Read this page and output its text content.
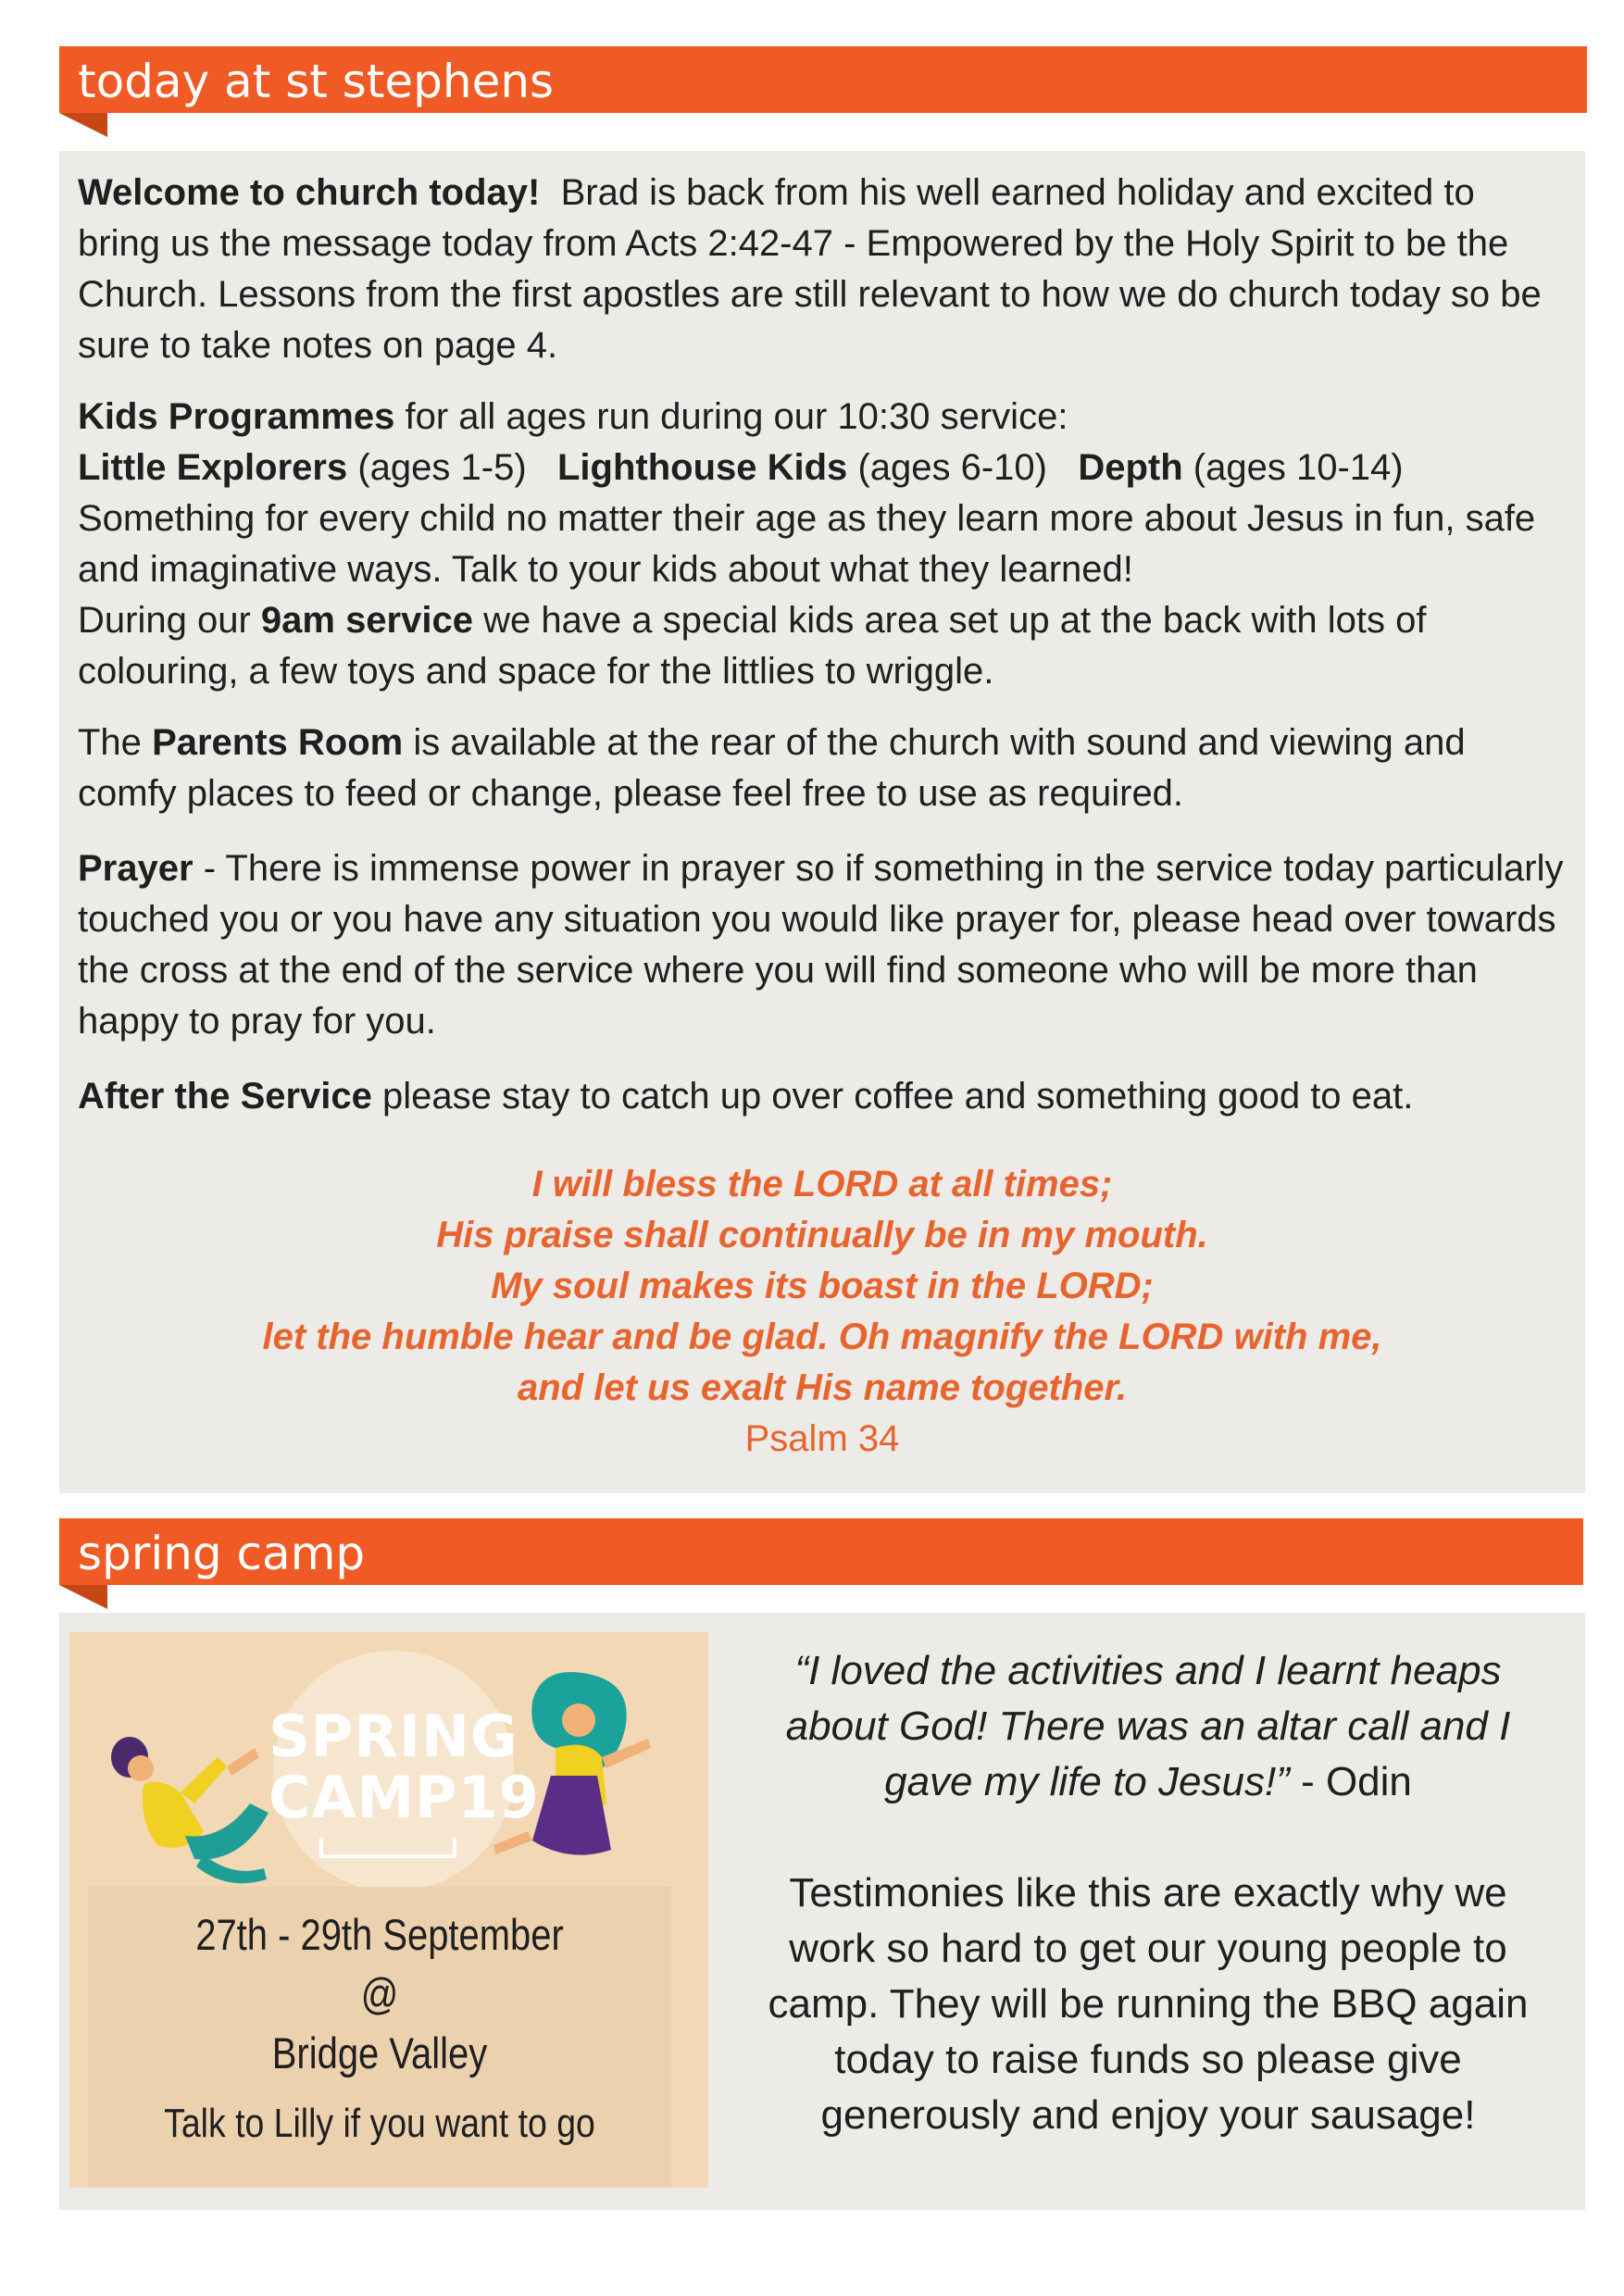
today at st stephens

Welcome to church today! Brad is back from his well earned holiday and excited to bring us the message today from Acts 2:42-47 - Empowered by the Holy Spirit to be the Church. Lessons from the first apostles are still relevant to how we do church today so be sure to take notes on page 4.

Kids Programmes for all ages run during our 10:30 service:

Little Explorers (ages 1-5) Lighthouse Kids (ages 6-10) Depth (ages 10-14)

Something for every child no matter their age as they learn more about Jesus in fun, safe and imaginative ways. Talk to your kids about what they learned!

During our 9am service we have a special kids area set up at the back with lots of colouring, a few toys and space for the littlies to wriggle.

The Parents Room is available at the rear of the church with sound and viewing and comfy places to feed or change, please feel free to use as required.

Prayer - There is immense power in prayer so if something in the service today particularly touched you or you have any situation you would like prayer for, please head over towards the cross at the end of the service where you will find someone who will be more than happy to pray for you.

After the Service please stay to catch up over coffee and something good to eat.

I will bless the LORD at all times;

His praise shall continually be in my mouth.

My soul makes its boast in the LORD;

let the humble hear and be glad. Oh magnify the LORD with me,

and let us exalt His name together.

Psalm 34

spring camp
SPRING
CAMP19

27th - 29th September

@

Bridge Valley

Talk to Lilly if you want to go

“I loved the activities and I learnt heaps about God! There was an altar call and I gave my life to Jesus!” - Odin

Testimonies like this are exactly why we work so hard to get our young people to camp. They will be running the BBQ again today to raise funds so please give generously and enjoy your sausage!
